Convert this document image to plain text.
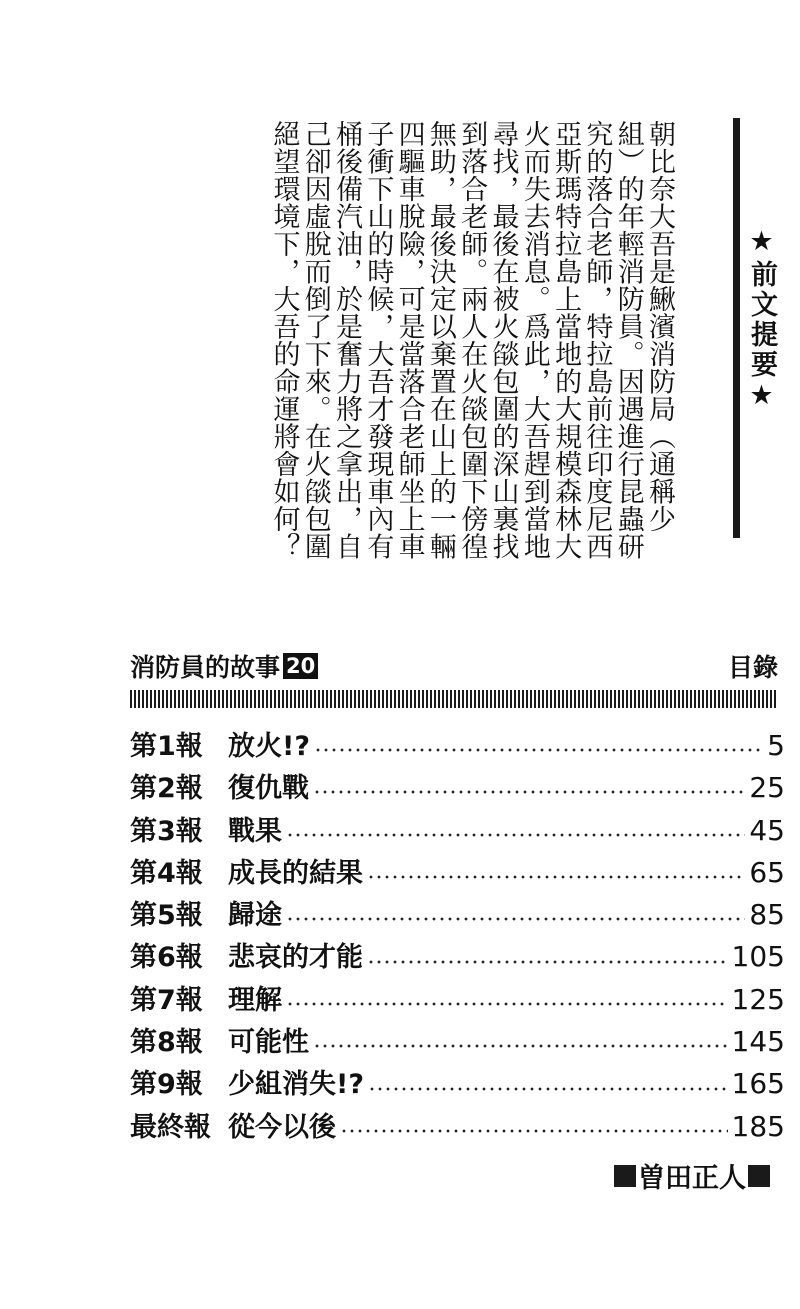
★前文提要★
朝比奈大吾是鰍濱消防局（通稱少組）的年輕消防員。因遇進行昆蟲研究的落合老師，特拉島前往印度尼西亞斯瑪特拉島上當地的大規模森林大火而失去消息。爲此，大吾趕到當地尋找，最後在被火燄包圍的深山裏找到落合老師。兩人在火燄包圍下傍徨無助，最後決定以棄置在山上的一輛四驅車脫險，可是當落合老師坐上車子衝下山的時候，大吾才發現車內有桶後備汽油，於是奮力將之拿出，自己卻因虛脫而倒了下來。在火燄包圍絕望環境下，大吾的命運將會如何？
消防員的故事 20	目錄
第1報 放火!?	5
第2報 復仇戰	25
第3報 戰果	45
第4報 成長的結果	65
第5報 歸途	85
第6報 悲哀的才能	105
第7報 理解	125
第8報 可能性	145
第9報 少組消失!?	165
最終報 從今以後	185
曽田正人
